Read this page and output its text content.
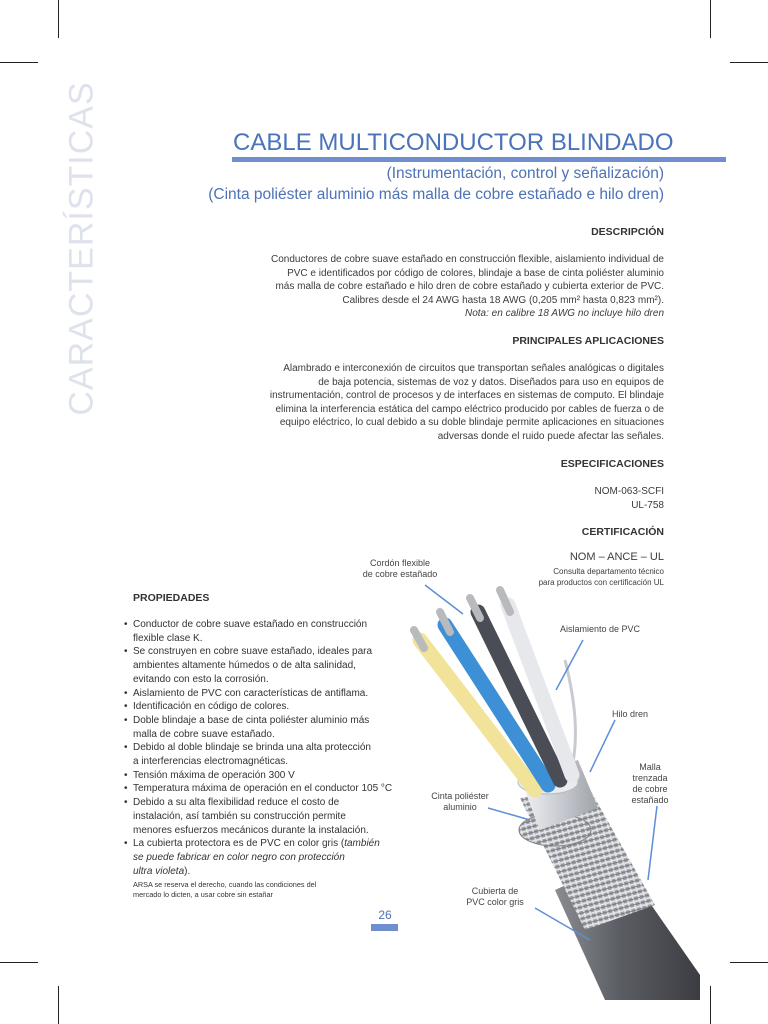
CARACTERÍSTICAS	CABLE MULTICONDUCTOR BLINDADO
(Instrumentación, control y señalización)
(Cinta poliéster aluminio más malla de cobre estañado e hilo dren)
DESCRIPCIÓN
Conductores de cobre suave estañado en construcción flexible, aislamiento individual de
PVC e identificados por código de colores, blindaje a base de cinta poliéster aluminio
más malla de cobre estañado e hilo dren de cobre estañado y cubierta exterior de PVC.
Calibres desde el 24 AWG hasta 18 AWG (0,205 mm² hasta 0,823 mm²).
Nota: en calibre 18 AWG no incluye hilo dren
PRINCIPALES APLICACIONES
Alambrado e interconexión de circuitos que transportan señales analógicas o digitales
de baja potencia, sistemas de voz y datos. Diseñados para uso en equipos de
instrumentación, control de procesos y de interfaces en sistemas de computo. El blindaje
elimina la interferencia estática del campo eléctrico producido por cables de fuerza o de
equipo eléctrico, lo cual debido a su doble blindaje permite aplicaciones en situaciones
adversas donde el ruido puede afectar las señales.
ESPECIFICACIONES
NOM-063-SCFI
UL-758
CERTIFICACIÓN
NOM – ANCE – UL
Consulta departamento técnico
para productos con certificación UL
PROPIEDADES
• Conductor de cobre suave estañado en construcción
flexible clase K.
• Se construyen en cobre suave estañado, ideales para
ambientes altamente húmedos o de alta salinidad,
evitando con esto la corrosión.
• Aislamiento de PVC con características de antiflama.
• Identificación en código de colores.
• Doble blindaje a base de cinta poliéster aluminio más
malla de cobre suave estañado.
• Debido al doble blindaje se brinda una alta protección
a interferencias electromagnéticas.
• Tensión máxima de operación 300 V
• Temperatura máxima de operación en el conductor 105 °C
• Debido a su alta flexibilidad reduce el costo de
instalación, así también su construcción permite
menores esfuerzos mecánicos durante la instalación.
• La cubierta protectora es de PVC en color gris (también
se puede fabricar en color negro con protección
ultra violeta).
ARSA se reserva el derecho, cuando las condiciones del
mercado lo dicten, a usar cobre sin estañar
Cordón flexible
de cobre estañado
Aislamiento de PVC
Hilo dren
Malla
trenzada
de cobre
estañado
Cinta poliéster
aluminio
Cubierta de
PVC color gris
26
